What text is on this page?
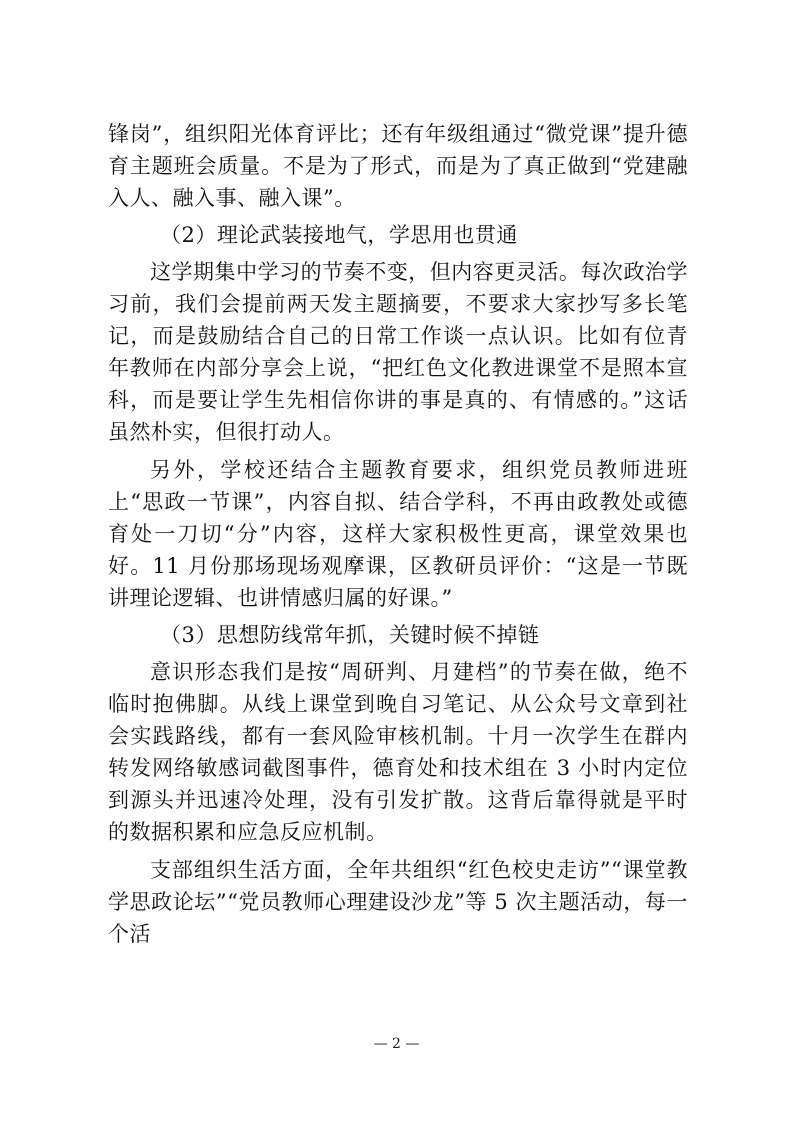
锋岗”，组织阳光体育评比；还有年级组通过“微党课”提升德育主题班会质量。不是为了形式，而是为了真正做到“党建融入人、融入事、融入课”。

（2）理论武装接地气，学思用也贯通

这学期集中学习的节奏不变，但内容更灵活。每次政治学习前，我们会提前两天发主题摘要，不要求大家抄写多长笔记，而是鼓励结合自己的日常工作谈一点认识。比如有位青年教师在内部分享会上说，“把红色文化教进课堂不是照本宣科，而是要让学生先相信你讲的事是真的、有情感的。”这话虽然朴实，但很打动人。

另外，学校还结合主题教育要求，组织党员教师进班上“思政一节课”，内容自拟、结合学科，不再由政教处或德育处一刀切“分”内容，这样大家积极性更高，课堂效果也好。11 月份那场现场观摩课，区教研员评价：“这是一节既讲理论逻辑、也讲情感归属的好课。”

（3）思想防线常年抓，关键时候不掉链

意识形态我们是按“周研判、月建档”的节奏在做，绝不临时抱佛脚。从线上课堂到晚自习笔记、从公众号文章到社会实践路线，都有一套风险审核机制。十月一次学生在群内转发网络敏感词截图事件，德育处和技术组在 3 小时内定位到源头并迅速冷处理，没有引发扩散。这背后靠得就是平时的数据积累和应急反应机制。

支部组织生活方面，全年共组织“红色校史走访”“课堂教学思政论坛”“党员教师心理建设沙龙”等 5 次主题活动，每一个活

— 2 —
